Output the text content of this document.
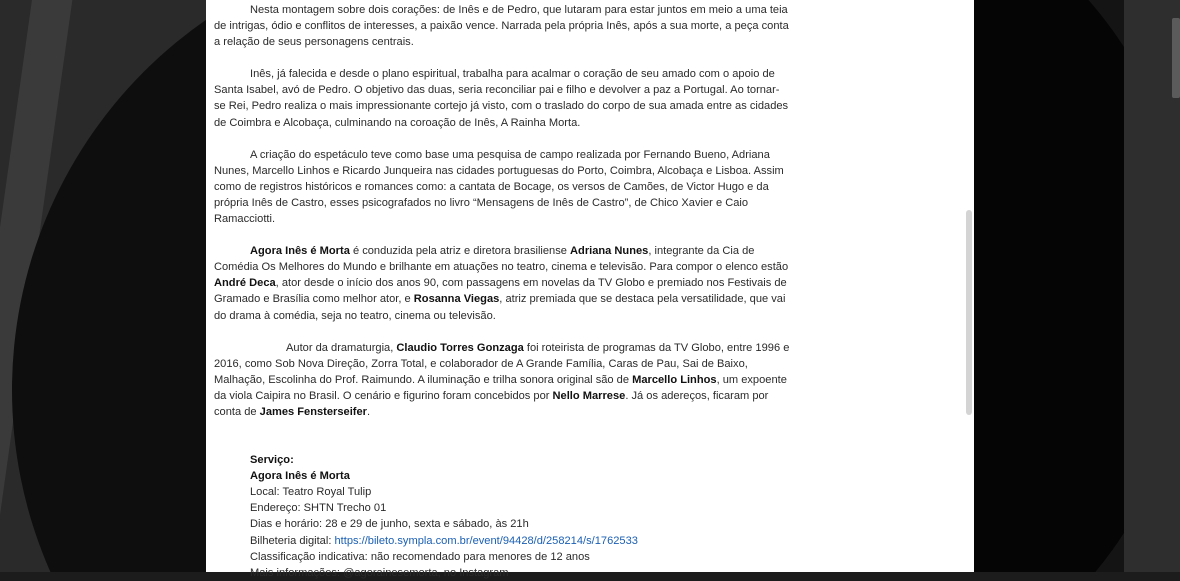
Nesta montagem sobre dois corações: de Inês e de Pedro, que lutaram para estar juntos em meio a uma teia de intrigas, ódio e conflitos de interesses, a paixão vence. Narrada pela própria Inês, após a sua morte, a peça conta a relação de seus personagens centrais.

Inês, já falecida e desde o plano espiritual, trabalha para acalmar o coração de seu amado com o apoio de Santa Isabel, avó de Pedro. O objetivo das duas, seria reconciliar pai e filho e devolver a paz a Portugal. Ao tornar-se Rei, Pedro realiza o mais impressionante cortejo já visto, com o traslado do corpo de sua amada entre as cidades de Coimbra e Alcobaça, culminando na coroação de Inês, A Rainha Morta.

A criação do espetáculo teve como base uma pesquisa de campo realizada por Fernando Bueno, Adriana Nunes, Marcello Linhos e Ricardo Junqueira nas cidades portuguesas do Porto, Coimbra, Alcobaça e Lisboa. Assim como de registros históricos e romances como: a cantata de Bocage, os versos de Camões, de Victor Hugo e da própria Inês de Castro, esses psicografados no livro “Mensagens de Inês de Castro”, de Chico Xavier e Caio Ramacciotti.

Agora Inês é Morta é conduzida pela atriz e diretora brasiliense Adriana Nunes, integrante da Cia de Comédia Os Melhores do Mundo e brilhante em atuações no teatro, cinema e televisão. Para compor o elenco estão André Deca, ator desde o início dos anos 90, com passagens em novelas da TV Globo e premiado nos Festivais de Gramado e Brasília como melhor ator, e Rosanna Viegas, atriz premiada que se destaca pela versatilidade, que vai do drama à comédia, seja no teatro, cinema ou televisão.

Autor da dramaturgia, Claudio Torres Gonzaga foi roteirista de programas da TV Globo, entre 1996 e 2016, como Sob Nova Direção, Zorra Total, e colaborador de A Grande Família, Caras de Pau, Sai de Baixo, Malhação, Escolinha do Prof. Raimundo. A iluminação e trilha sonora original são de Marcello Linhos, um expoente da viola Caipira no Brasil. O cenário e figurino foram concebidos por Nello Marrese. Já os adereços, ficaram por conta de James Fensterseifer.

Serviço:
Agora Inês é Morta
Local: Teatro Royal Tulip
Endereço: SHTN Trecho 01
Dias e horário: 28 e 29 de junho, sexta e sábado, às 21h
Bilheteria digital: https://bileto.sympla.com.br/event/94428/d/258214/s/1762533
Classificação indicativa: não recomendado para menores de 12 anos
Mais informações: @agorainesemorta, no Instagram
